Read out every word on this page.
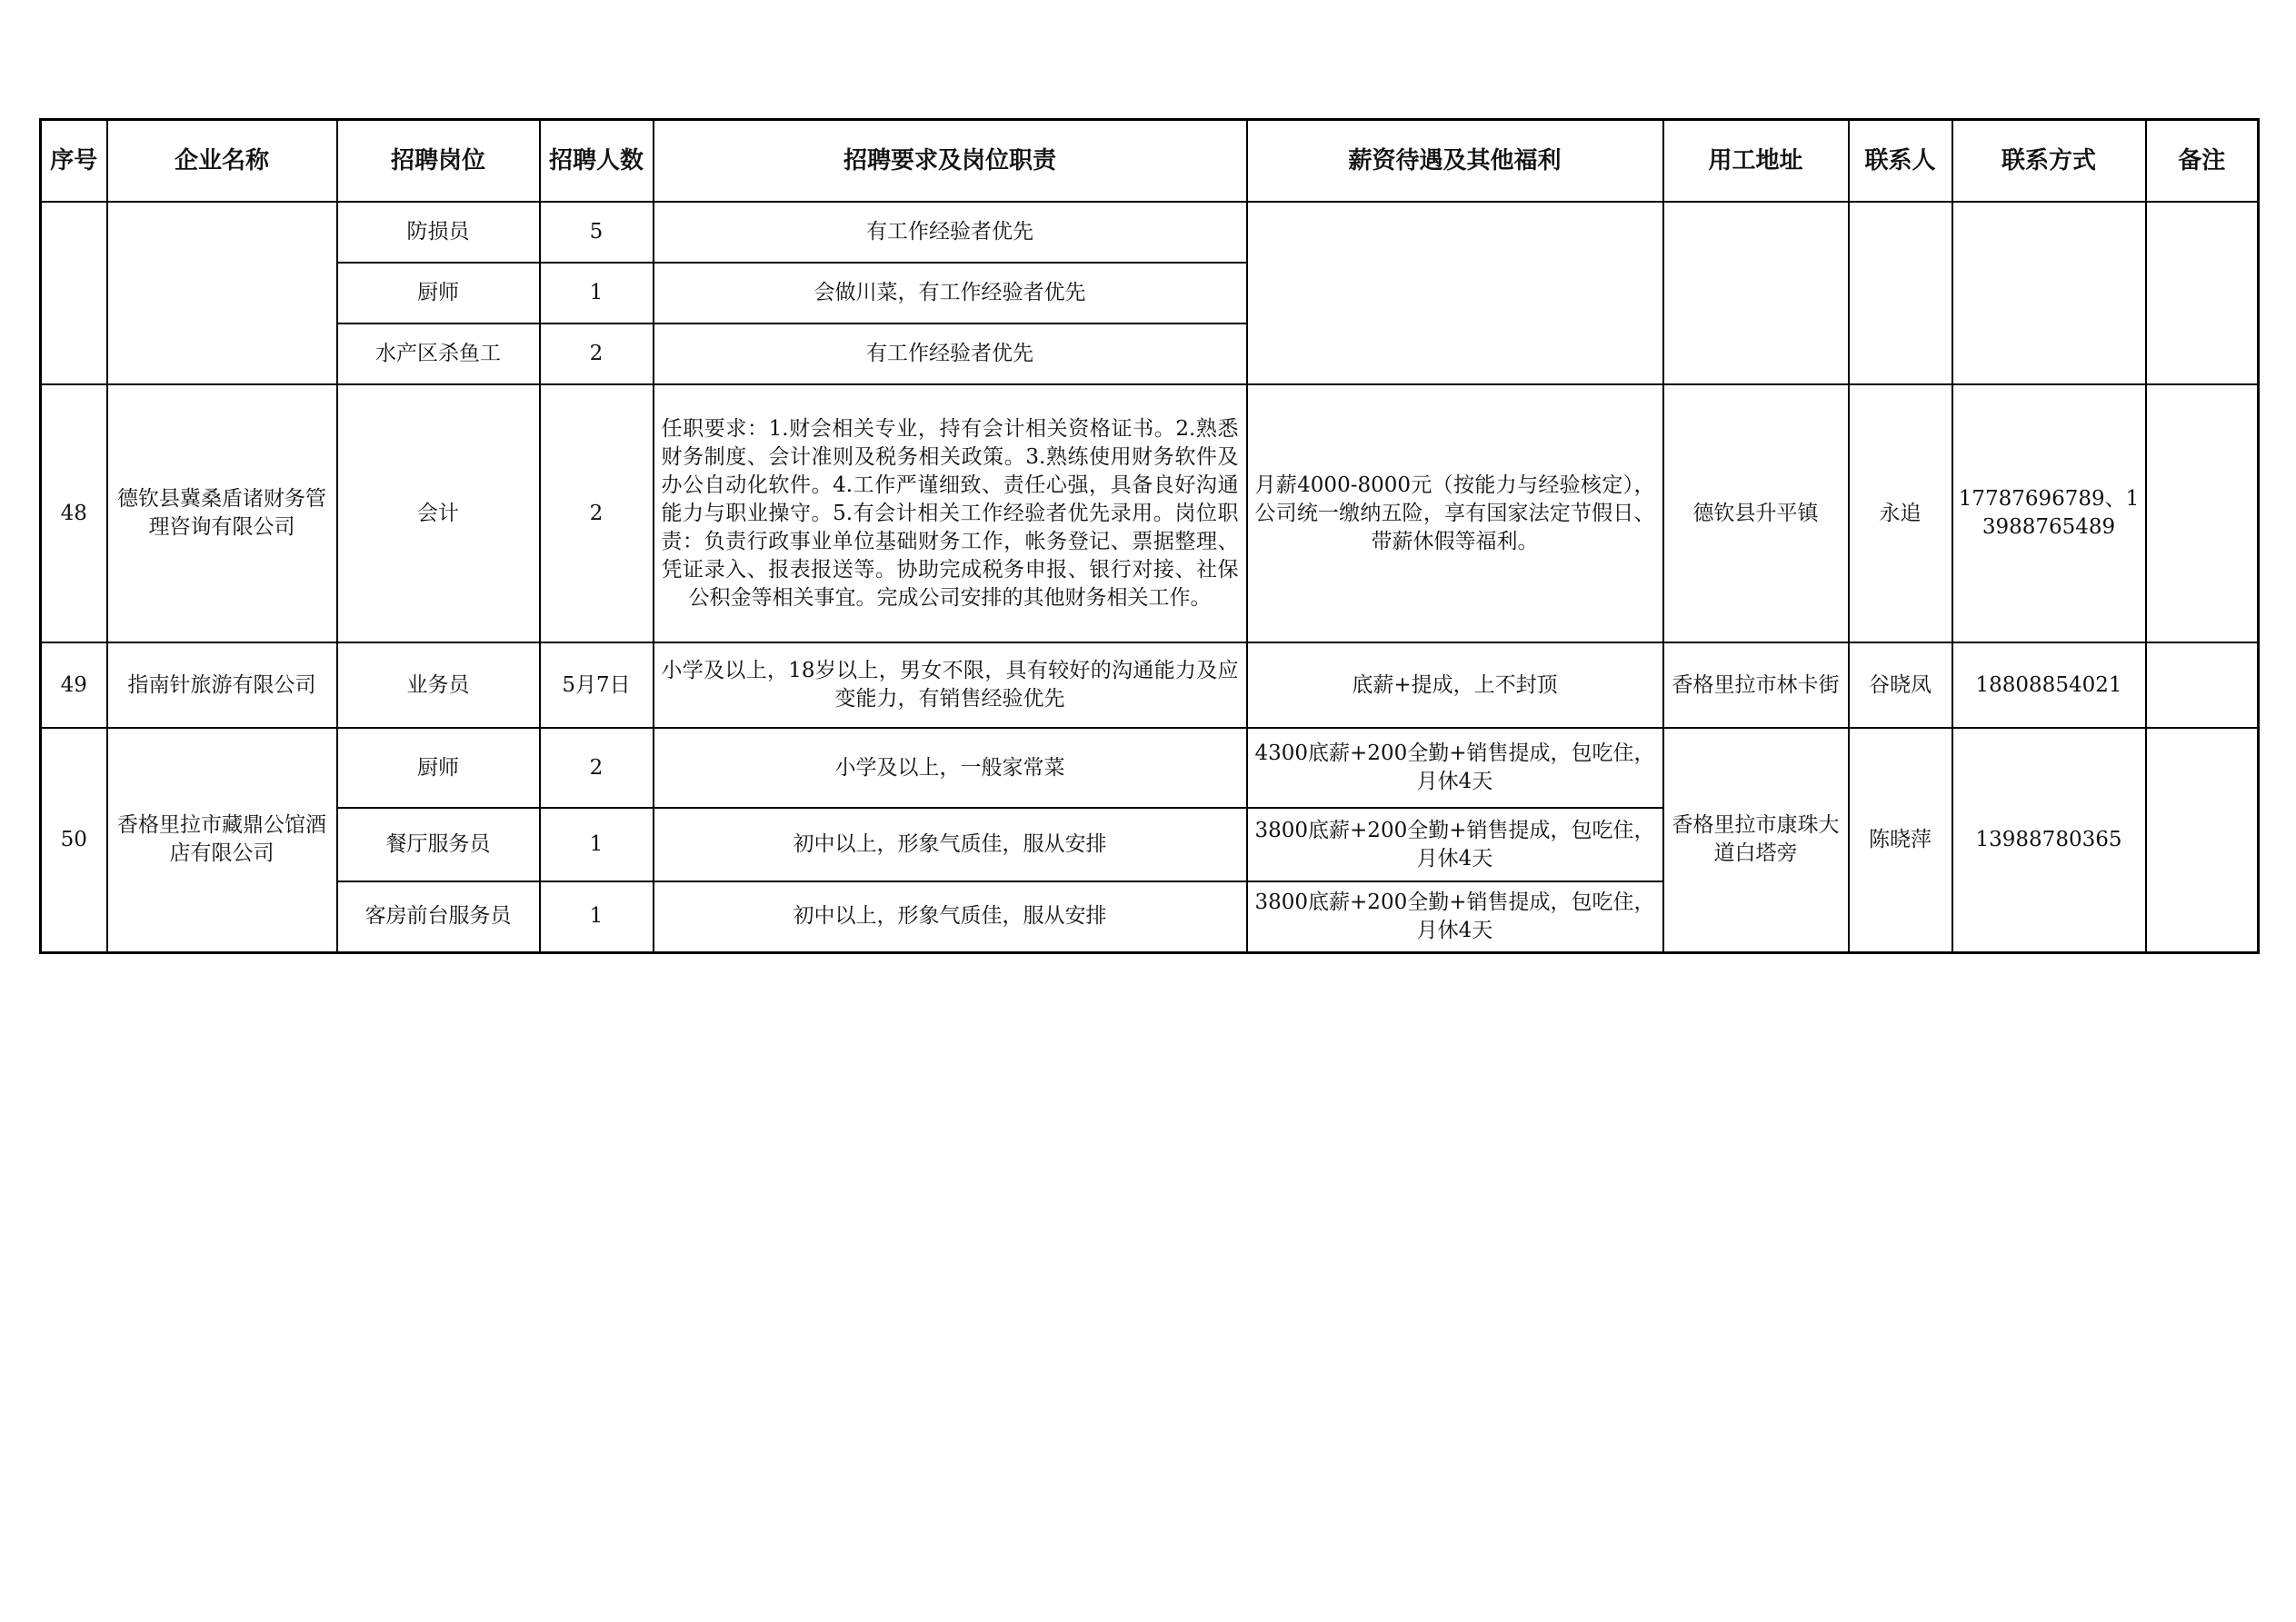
序号	企业名称	招聘岗位	招聘人数	招聘要求及岗位职责	薪资待遇及其他福利	用工地址	联系人	联系方式	备注
		防损员	5	有工作经验者优先					
		厨师	1	会做川菜，有工作经验者优先					
		水产区杀鱼工	2	有工作经验者优先					
48	德钦县冀桑盾诸财务管理咨询有限公司	会计	2	任职要求：1.财会相关专业，持有会计相关资格证书。2.熟悉财务制度、会计准则及税务相关政策。3.熟练使用财务软件及办公自动化软件。4.工作严谨细致、责任心强，具备良好沟通能力与职业操守。5.有会计相关工作经验者优先录用。岗位职责：负责行政事业单位基础财务工作，帐务登记、票据整理、凭证录入、报表报送等。协助完成税务申报、银行对接、社保公积金等相关事宜。完成公司安排的其他财务相关工作。	月薪4000-8000元（按能力与经验核定），公司统一缴纳五险，享有国家法定节假日、带薪休假等福利。	德钦县升平镇	永追	17787696789、13988765489	
49	指南针旅游有限公司	业务员	5月7日	小学及以上，18岁以上，男女不限，具有较好的沟通能力及应变能力，有销售经验优先	底薪+提成，上不封顶	香格里拉市林卡街	谷晓凤	18808854021	
50	香格里拉市藏鼎公馆酒店有限公司	厨师	2	小学及以上，一般家常菜	4300底薪+200全勤+销售提成，包吃住，月休4天	香格里拉市康珠大道白塔旁	陈晓萍	13988780365	
		餐厅服务员	1	初中以上，形象气质佳，服从安排	3800底薪+200全勤+销售提成，包吃住，月休4天				
		客房前台服务员	1	初中以上，形象气质佳，服从安排	3800底薪+200全勤+销售提成，包吃住，月休4天				
